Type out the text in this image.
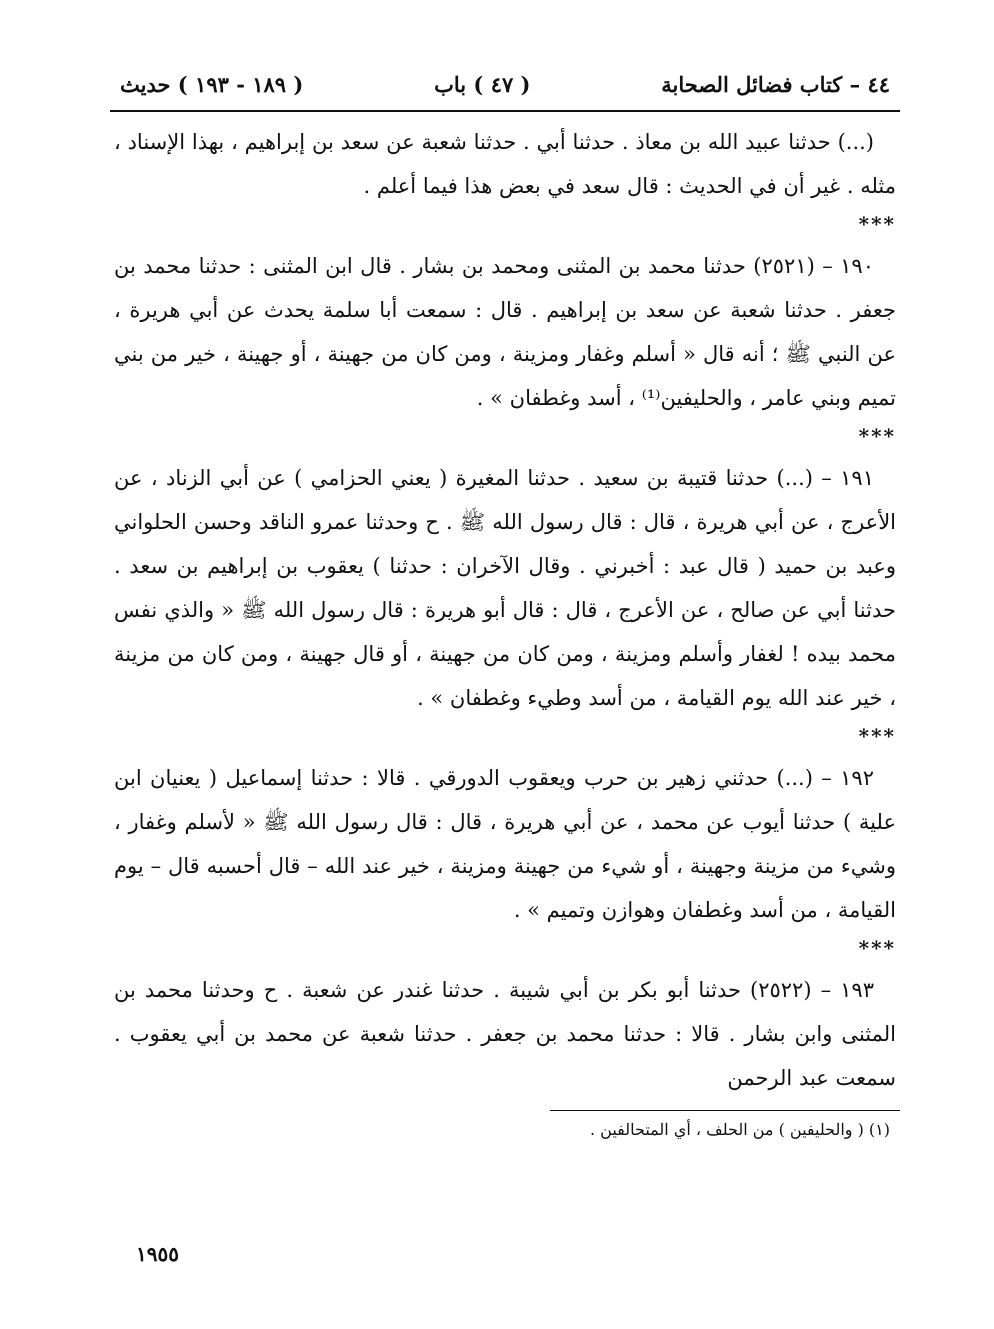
٤٤ – كتاب فضائل الصحابة
( ٤٧ ) باب
( ١٨٩ - ١٩٣ ) حديث

(...) حدثنا عبيد الله بن معاذ . حدثنا أبي . حدثنا شعبة عن سعد بن إبراهيم ، بهذا الإسناد ، مثله . غير أن في الحديث : قال سعد في بعض هذا فيما أعلم .

***

١٩٠ – (٢٥٢١) حدثنا محمد بن المثنى ومحمد بن بشار . قال ابن المثنى : حدثنا محمد بن جعفر . حدثنا شعبة عن سعد بن إبراهيم . قال : سمعت أبا سلمة يحدث عن أبي هريرة ، عن النبي ﷺ ؛ أنه قال « أسلم وغفار ومزينة ، ومن كان من جهينة ، أو جهينة ، خير من بني تميم وبني عامر ، والحليفين⁽¹⁾ ، أسد وغطفان » .

***

١٩١ – (...) حدثنا قتيبة بن سعيد . حدثنا المغيرة ( يعني الحزامي ) عن أبي الزناد ، عن الأعرج ، عن أبي هريرة ، قال : قال رسول الله ﷺ . ح وحدثنا عمرو الناقد وحسن الحلواني وعبد بن حميد ( قال عبد : أخبرني . وقال الآخران : حدثنا ) يعقوب بن إبراهيم بن سعد . حدثنا أبي عن صالح ، عن الأعرج ، قال : قال أبو هريرة : قال رسول الله ﷺ « والذي نفس محمد بيده ! لغفار وأسلم ومزينة ، ومن كان من جهينة ، أو قال جهينة ، ومن كان من مزينة ، خير عند الله يوم القيامة ، من أسد وطيء وغطفان » .

***

١٩٢ – (...) حدثني زهير بن حرب ويعقوب الدورقي . قالا : حدثنا إسماعيل ( يعنيان ابن علية ) حدثنا أيوب عن محمد ، عن أبي هريرة ، قال : قال رسول الله ﷺ « لأسلم وغفار ، وشيء من مزينة وجهينة ، أو شيء من جهينة ومزينة ، خير عند الله – قال أحسبه قال – يوم القيامة ، من أسد وغطفان وهوازن وتميم » .

***

١٩٣ – (٢٥٢٢) حدثنا أبو بكر بن أبي شيبة . حدثنا غندر عن شعبة . ح وحدثنا محمد بن المثنى وابن بشار . قالا : حدثنا محمد بن جعفر . حدثنا شعبة عن محمد بن أبي يعقوب . سمعت عبد الرحمن

(١) ( والحليفين ) من الحلف ، أي المتحالفين .
١٩٥٥
